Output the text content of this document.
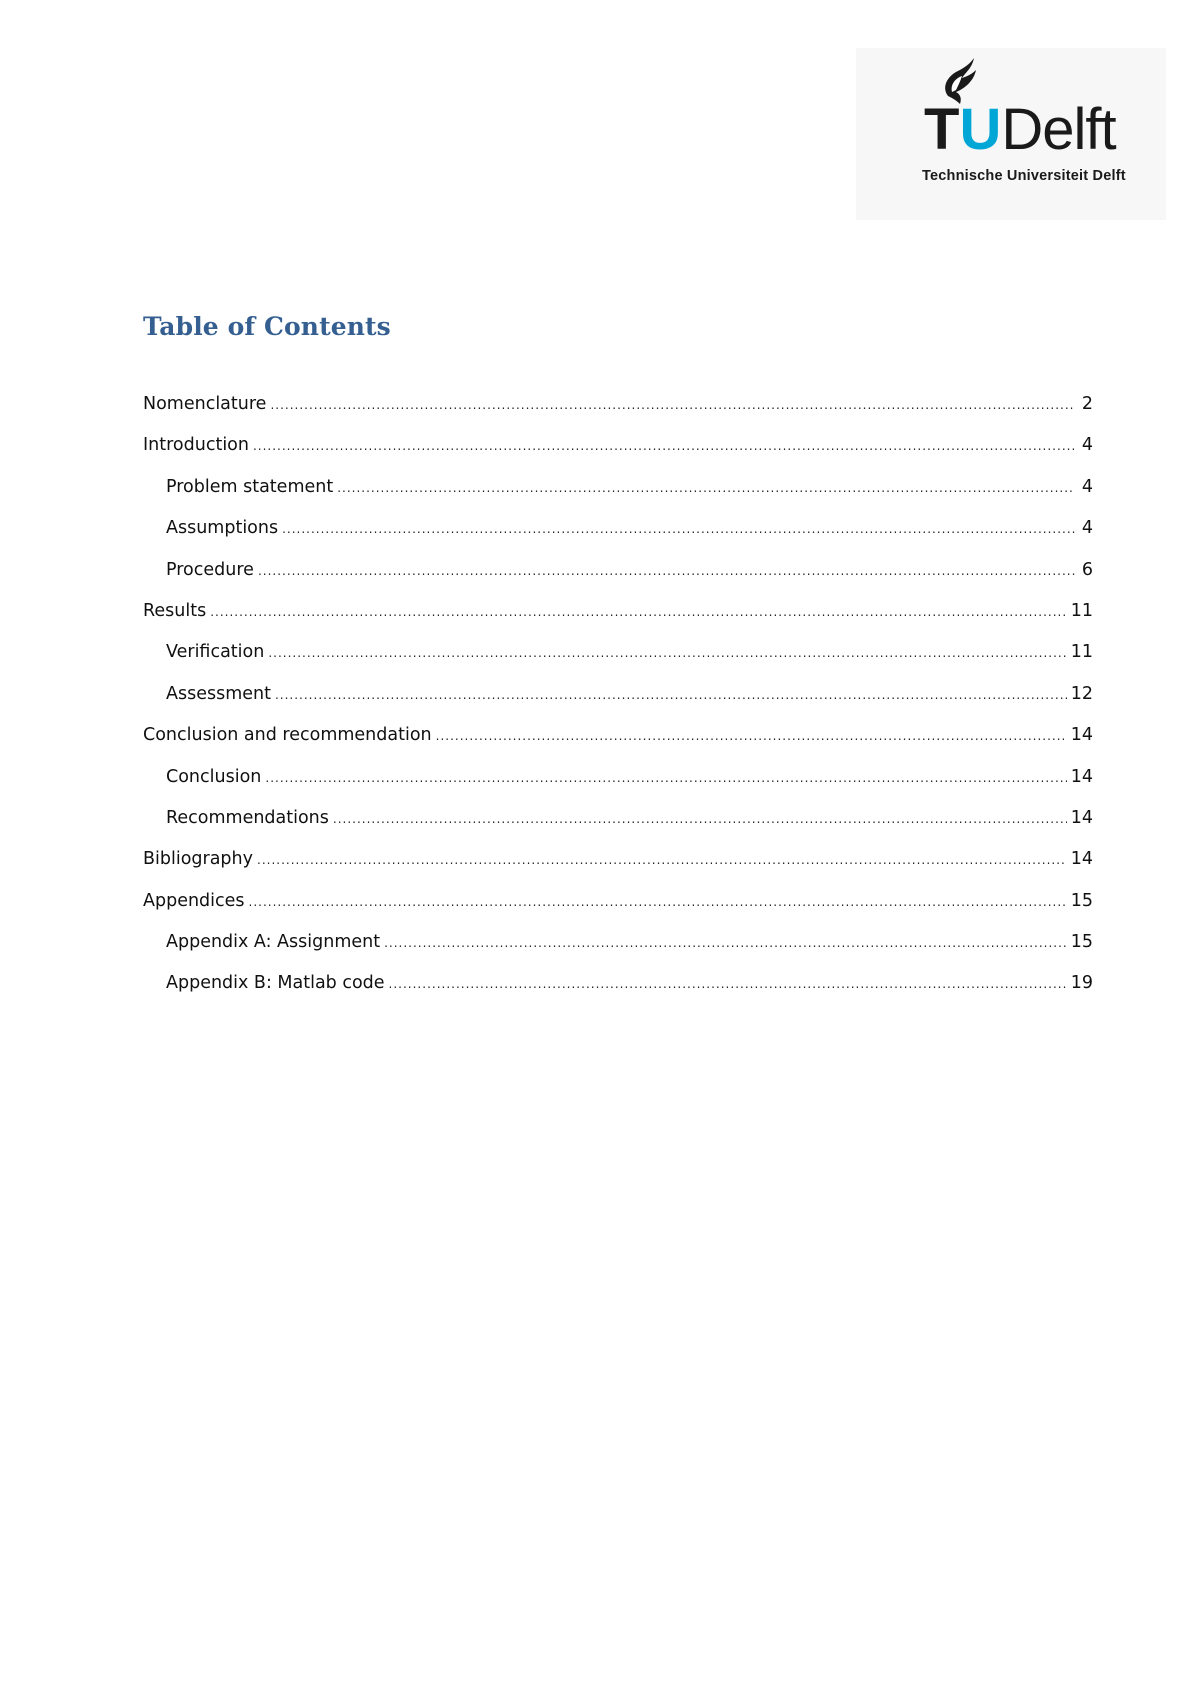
TUDelft
Technische Universiteit Delft
Table of Contents
Nomenclature .....	2
Introduction .....	4
Problem statement .....	4
Assumptions .....	4
Procedure .....	6
Results .....	11
Verification .....	11
Assessment .....	12
Conclusion and recommendation .....	14
Conclusion .....	14
Recommendations .....	14
Bibliography .....	14
Appendices .....	15
Appendix A: Assignment .....	15
Appendix B: Matlab code .....	19
